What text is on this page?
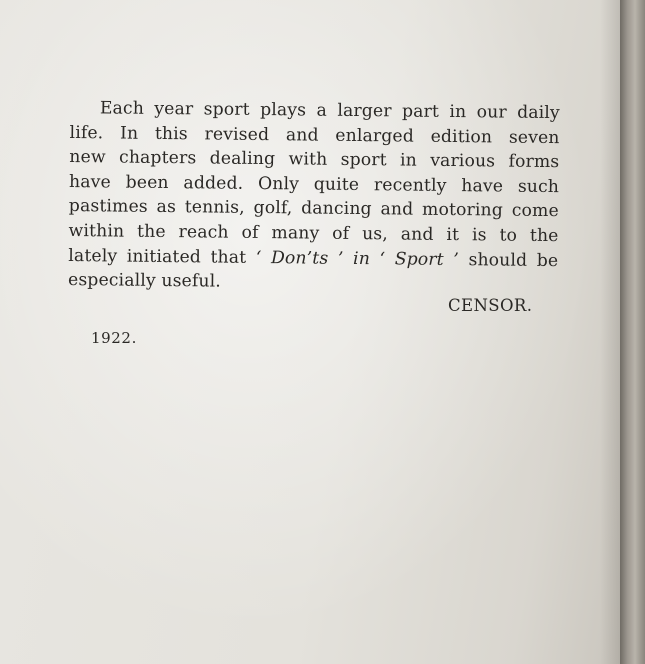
Each year sport plays a larger part in our daily
life. In this revised and enlarged edition seven
new chapters dealing with sport in various forms
have been added. Only quite recently have such
pastimes as tennis, golf, dancing and motoring come
within the reach of many of us, and it is to the
lately initiated that ‘ Don’ts ’ in ‘ Sport ’ should be
especially useful.
CENSOR.
1922.
